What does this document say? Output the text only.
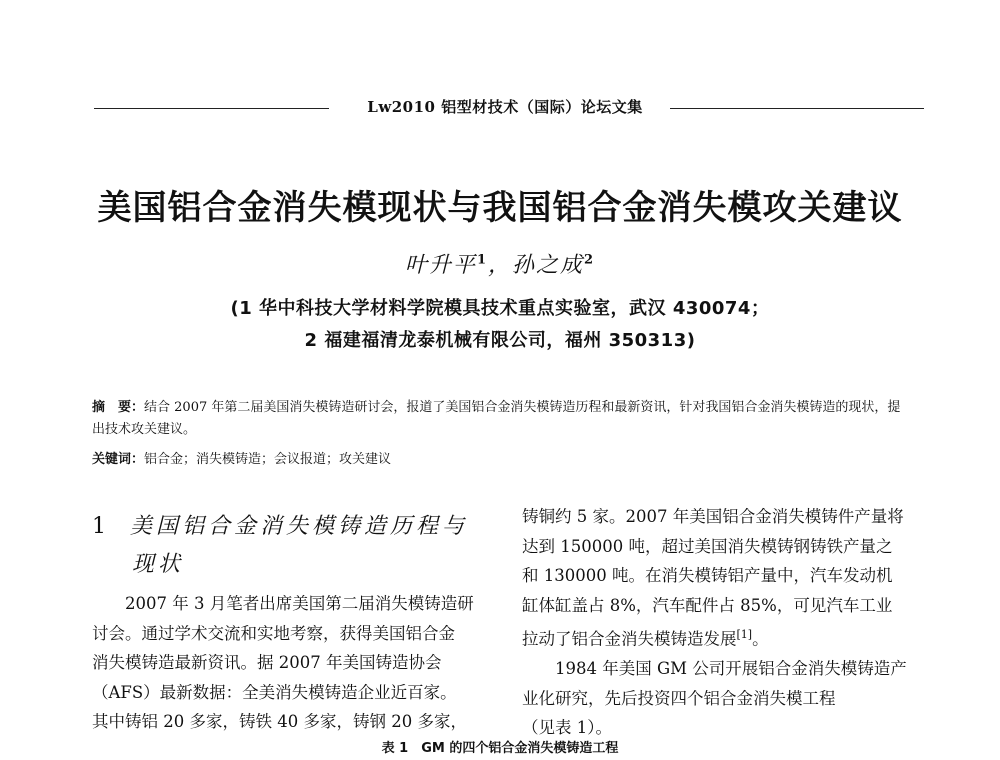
Lw2010 铝型材技术（国际）论坛文集
美国铝合金消失模现状与我国铝合金消失模攻关建议
叶升平$^1$，孙之成$^2$
(1 华中科技大学材料学院模具技术重点实验室，武汉 430074；
2 福建福清龙泰机械有限公司，福州 350313)
摘　要：结合 2007 年第二届美国消失模铸造研讨会，报道了美国铝合金消失模铸造历程和最新资讯，针对我国铝合金消失模铸造的现状，提出技术攻关建议。
关键词：铝合金；消失模铸造；会议报道；攻关建议
1 美国铝合金消失模铸造历程与
现状
2007 年 3 月笔者出席美国第二届消失模铸造研
讨会。通过学术交流和实地考察，获得美国铝合金
消失模铸造最新资讯。据 2007 年美国铸造协会
（AFS）最新数据：全美消失模铸造企业近百家。
其中铸铝 20 多家，铸铁 40 多家，铸钢 20 多家，
铸铜约 5 家。2007 年美国铝合金消失模铸件产量将
达到 150000 吨，超过美国消失模铸钢铸铁产量之
和 130000 吨。在消失模铸铝产量中，汽车发动机
缸体缸盖占 8%，汽车配件占 85%，可见汽车工业
拉动了铝合金消失模铸造发展[1]。
1984 年美国 GM 公司开展铝合金消失模铸造产
业化研究，先后投资四个铝合金消失模工程
（见表 1）。
表 1　GM 的四个铝合金消失模铸造工程
